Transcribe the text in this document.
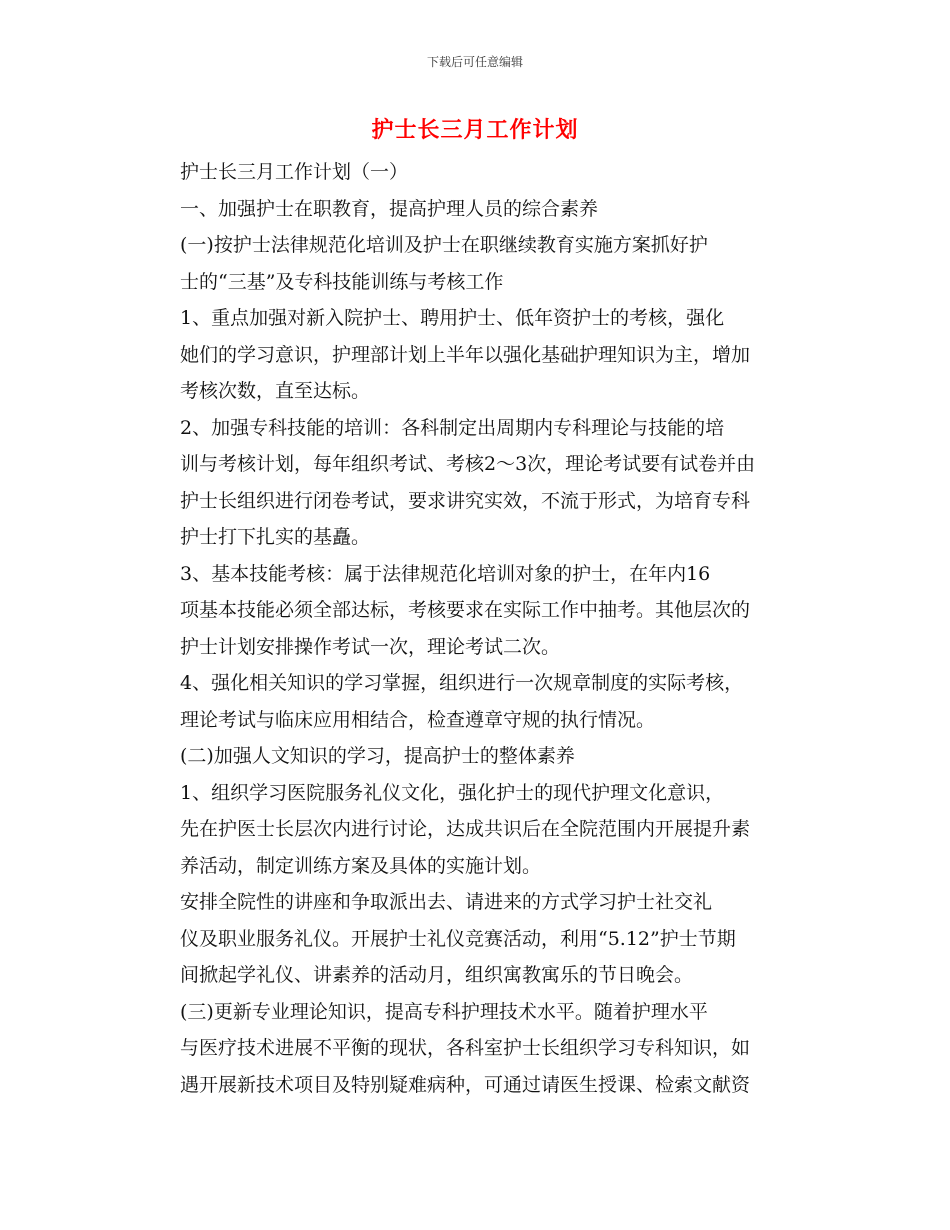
下载后可任意编辑
护士长三月工作计划

护士长三月工作计划（一）

一、加强护士在职教育，提高护理人员的综合素养

(一)按护士法律规范化培训及护士在职继续教育实施方案抓好护
士的“三基”及专科技能训练与考核工作

1、重点加强对新入院护士、聘用护士、低年资护士的考核，强化
她们的学习意识，护理部计划上半年以强化基础护理知识为主，增加
考核次数，直至达标。

2、加强专科技能的培训：各科制定出周期内专科理论与技能的培
训与考核计划，每年组织考试、考核2～3次，理论考试要有试卷并由
护士长组织进行闭卷考试，要求讲究实效，不流于形式，为培育专科
护士打下扎实的基矗。

3、基本技能考核：属于法律规范化培训对象的护士，在年内16
项基本技能必须全部达标，考核要求在实际工作中抽考。其他层次的
护士计划安排操作考试一次，理论考试二次。

4、强化相关知识的学习掌握，组织进行一次规章制度的实际考核，
理论考试与临床应用相结合，检查遵章守规的执行情况。

(二)加强人文知识的学习，提高护士的整体素养

1、组织学习医院服务礼仪文化，强化护士的现代护理文化意识，
先在护医士长层次内进行讨论，达成共识后在全院范围内开展提升素
养活动，制定训练方案及具体的实施计划。

安排全院性的讲座和争取派出去、请进来的方式学习护士社交礼
仪及职业服务礼仪。开展护士礼仪竞赛活动，利用“5.12”护士节期
间掀起学礼仪、讲素养的活动月，组织寓教寓乐的节日晚会。

(三)更新专业理论知识，提高专科护理技术水平。随着护理水平
与医疗技术进展不平衡的现状，各科室护士长组织学习专科知识，如
遇开展新技术项目及特别疑难病种，可通过请医生授课、检索文献资
